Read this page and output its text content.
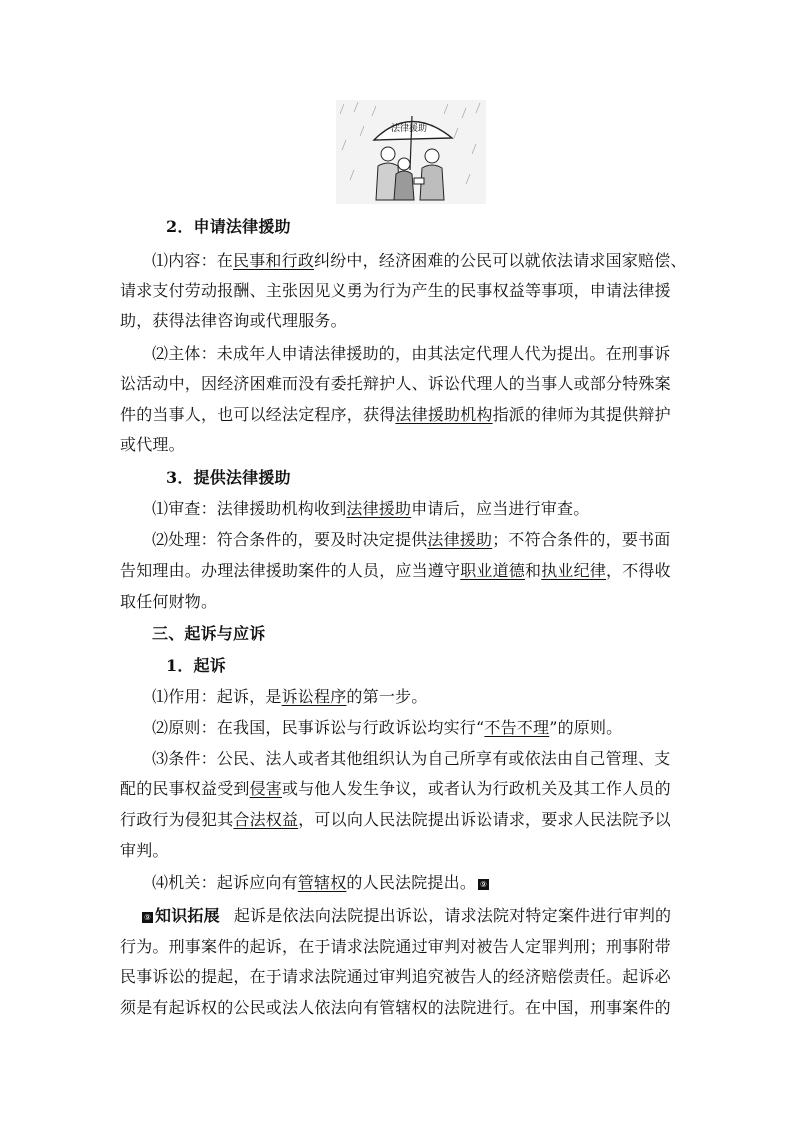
法律援助
2．申请法律援助
⑴内容：在民事和行政纠纷中，经济困难的公民可以就依法请求国家赔偿、
请求支付劳动报酬、主张因见义勇为行为产生的民事权益等事项，申请法律援
助，获得法律咨询或代理服务。
⑵主体：未成年人申请法律援助的，由其法定代理人代为提出。在刑事诉
讼活动中，因经济困难而没有委托辩护人、诉讼代理人的当事人或部分特殊案
件的当事人，也可以经法定程序，获得法律援助机构指派的律师为其提供辩护
或代理。
3．提供法律援助
⑴审查：法律援助机构收到法律援助申请后，应当进行审查。
⑵处理：符合条件的，要及时决定提供法律援助；不符合条件的，要书面
告知理由。办理法律援助案件的人员，应当遵守职业道德和执业纪律，不得收
取任何财物。
三、起诉与应诉
1．起诉
⑴作用：起诉，是诉讼程序的第一步。
⑵原则：在我国，民事诉讼与行政诉讼均实行“不告不理”的原则。
⑶条件：公民、法人或者其他组织认为自己所享有或依法由自己管理、支
配的民事权益受到侵害或与他人发生争议，或者认为行政机关及其工作人员的
行政行为侵犯其合法权益，可以向人民法院提出诉讼请求，要求人民法院予以
审判。
⑷机关：起诉应向有管辖权的人民法院提出。 ⑨
⑨ 知识拓展 起诉是依法向法院提出诉讼，请求法院对特定案件进行审判的
行为。刑事案件的起诉，在于请求法院通过审判对被告人定罪判刑；刑事附带
民事诉讼的提起，在于请求法院通过审判追究被告人的经济赔偿责任。起诉必
须是有起诉权的公民或法人依法向有管辖权的法院进行。在中国，刑事案件的
